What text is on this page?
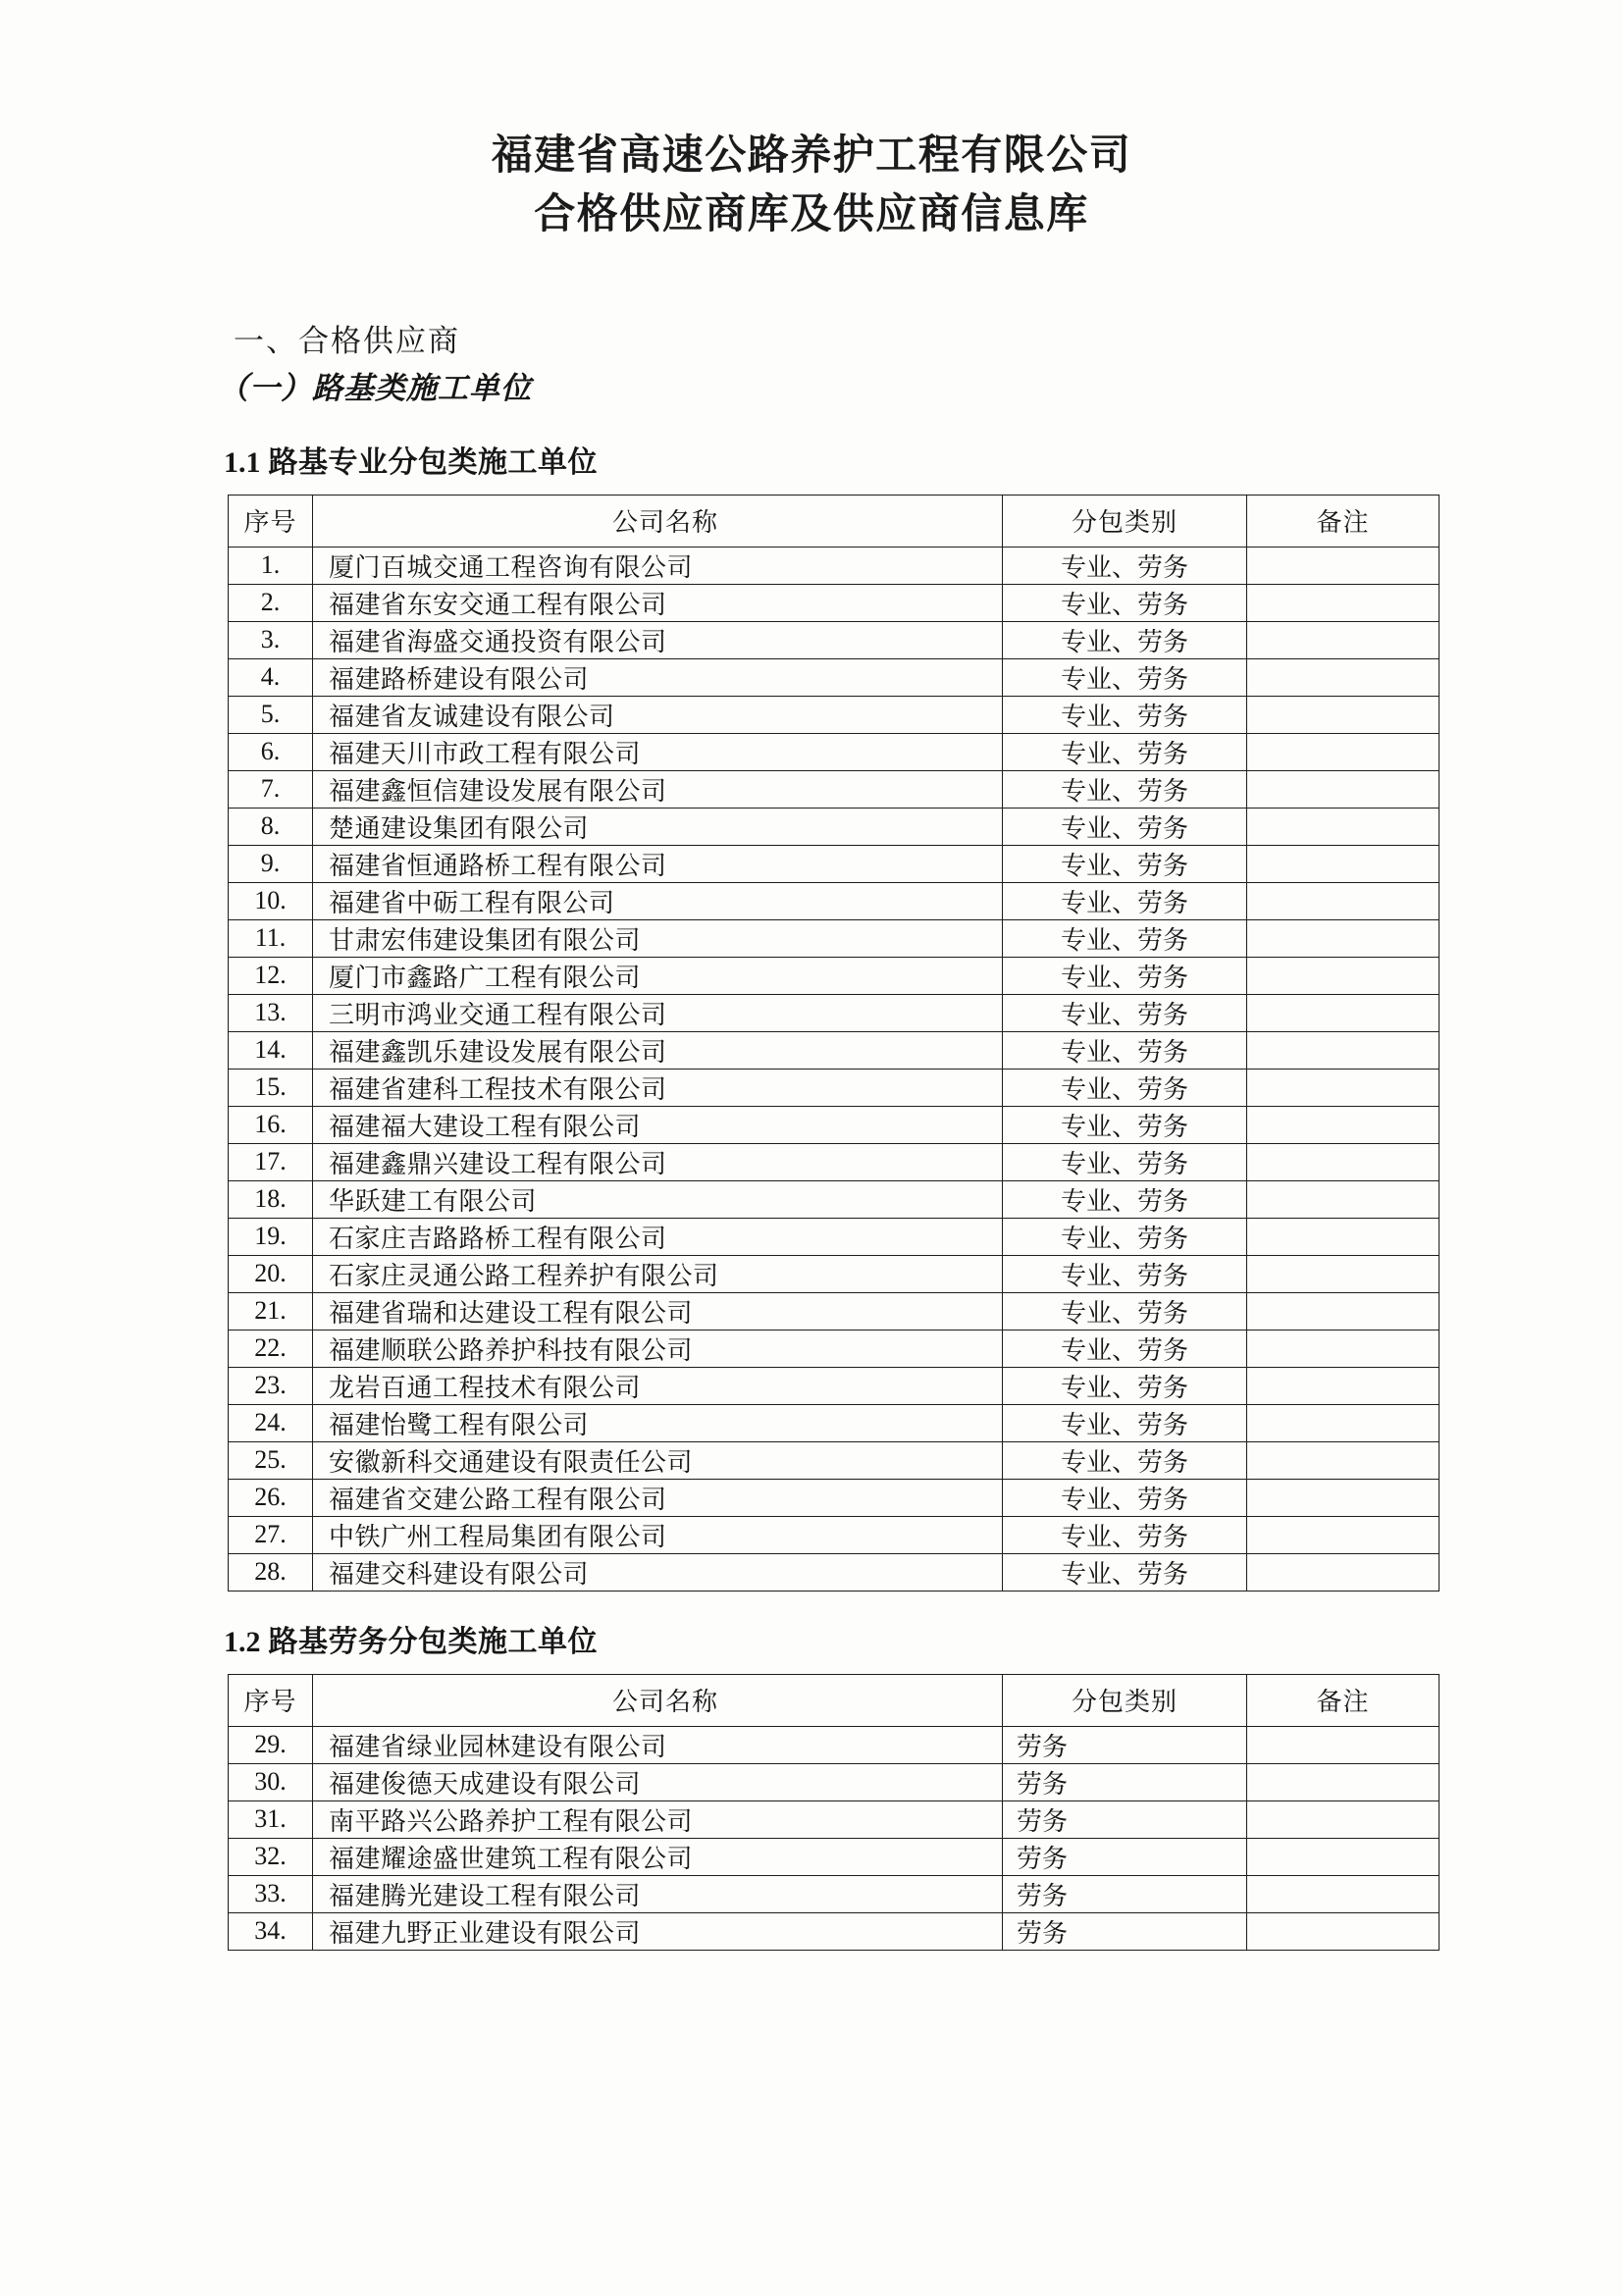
福建省高速公路养护工程有限公司
合格供应商库及供应商信息库
一、合格供应商
（一）路基类施工单位
1.1 路基专业分包类施工单位
序号	公司名称	分包类别	备注
1.	厦门百城交通工程咨询有限公司	专业、劳务	
2.	福建省东安交通工程有限公司	专业、劳务	
3.	福建省海盛交通投资有限公司	专业、劳务	
4.	福建路桥建设有限公司	专业、劳务	
5.	福建省友诚建设有限公司	专业、劳务	
6.	福建天川市政工程有限公司	专业、劳务	
7.	福建鑫恒信建设发展有限公司	专业、劳务	
8.	楚通建设集团有限公司	专业、劳务	
9.	福建省恒通路桥工程有限公司	专业、劳务	
10.	福建省中砺工程有限公司	专业、劳务	
11.	甘肃宏伟建设集团有限公司	专业、劳务	
12.	厦门市鑫路广工程有限公司	专业、劳务	
13.	三明市鸿业交通工程有限公司	专业、劳务	
14.	福建鑫凯乐建设发展有限公司	专业、劳务	
15.	福建省建科工程技术有限公司	专业、劳务	
16.	福建福大建设工程有限公司	专业、劳务	
17.	福建鑫鼎兴建设工程有限公司	专业、劳务	
18.	华跃建工有限公司	专业、劳务	
19.	石家庄吉路路桥工程有限公司	专业、劳务	
20.	石家庄灵通公路工程养护有限公司	专业、劳务	
21.	福建省瑞和达建设工程有限公司	专业、劳务	
22.	福建顺联公路养护科技有限公司	专业、劳务	
23.	龙岩百通工程技术有限公司	专业、劳务	
24.	福建怡鹭工程有限公司	专业、劳务	
25.	安徽新科交通建设有限责任公司	专业、劳务	
26.	福建省交建公路工程有限公司	专业、劳务	
27.	中铁广州工程局集团有限公司	专业、劳务	
28.	福建交科建设有限公司	专业、劳务	
1.2 路基劳务分包类施工单位
序号	公司名称	分包类别	备注
29.	福建省绿业园林建设有限公司	劳务	
30.	福建俊德天成建设有限公司	劳务	
31.	南平路兴公路养护工程有限公司	劳务	
32.	福建耀途盛世建筑工程有限公司	劳务	
33.	福建腾光建设工程有限公司	劳务	
34.	福建九野正业建设有限公司	劳务	
